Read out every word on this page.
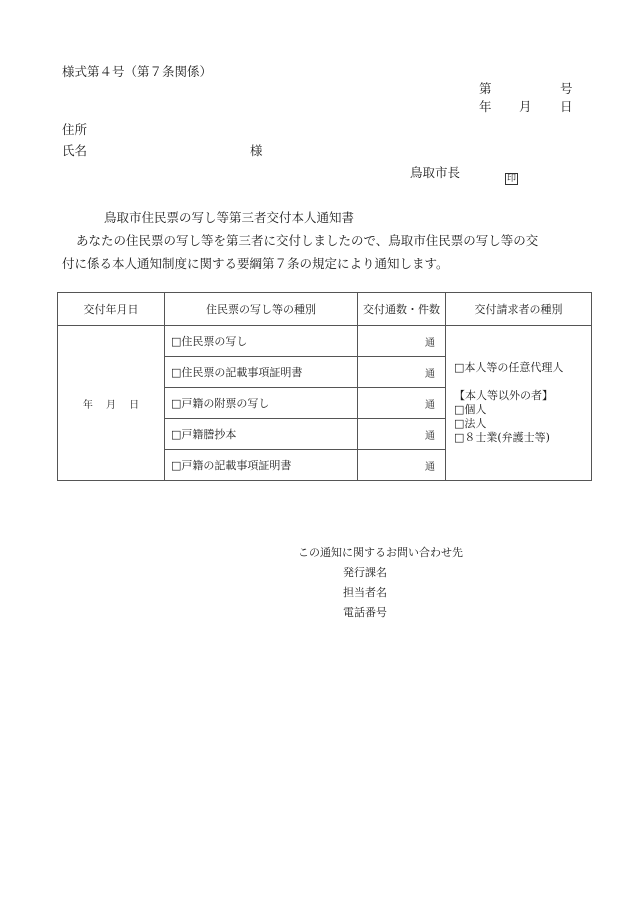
様式第４号（第７条関係）
第	号
年 月 日
住所
氏名	様
鳥取市長	印
鳥取市住民票の写し等第三者交付本人通知書
あなたの住民票の写し等を第三者に交付しましたので、鳥取市住民票の写し等の交
付に係る本人通知制度に関する要綱第７条の規定により通知します。
交付年月日	住民票の写し等の種別	交付通数・件数	交付請求者の種別
年　 月　 日	□住民票の写し	通	□本人等の任意代理人
【本人等以外の者】
□個人
□法人
□８士業(弁護士等)

	□住民票の記載事項証明書	通	
	□戸籍の附票の写し	通	
	□戸籍謄抄本	通	
	□戸籍の記載事項証明書	通	
この通知に関するお問い合わせ先
発行課名
担当者名
電話番号
